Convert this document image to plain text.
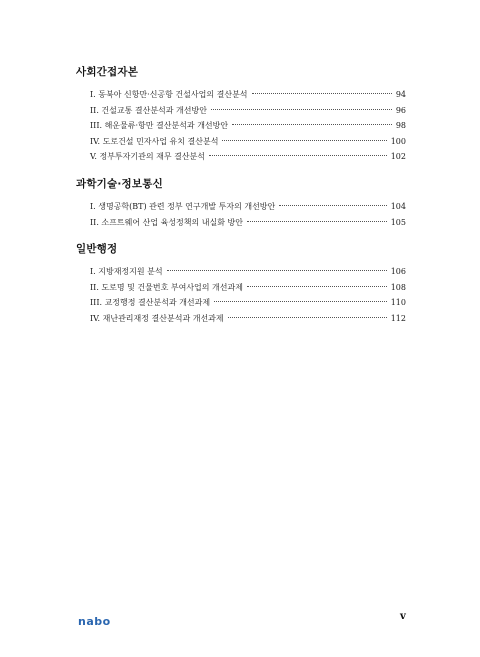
사회간접자본
I. 동북아 신항만·신공항 건설사업의 결산분석	94
II. 건설교통 결산분석과 개선방안	96
III. 해운물류·항만 결산분석과 개선방안	98
IV. 도로건설 민자사업 유치 결산분석	100
V. 정부투자기관의 재무 결산분석	102
과학기술·정보통신
I. 생명공학(BT) 관련 정부 연구개발 투자의 개선방안	104
II. 소프트웨어 산업 육성정책의 내실화 방안	105
일반행정
I. 지방재정지원 분석	106
II. 도로명 및 건물번호 부여사업의 개선과제	108
III. 교정행정 결산분석과 개선과제	110
IV. 재난관리재정 결산분석과 개선과제	112
nabo	v
